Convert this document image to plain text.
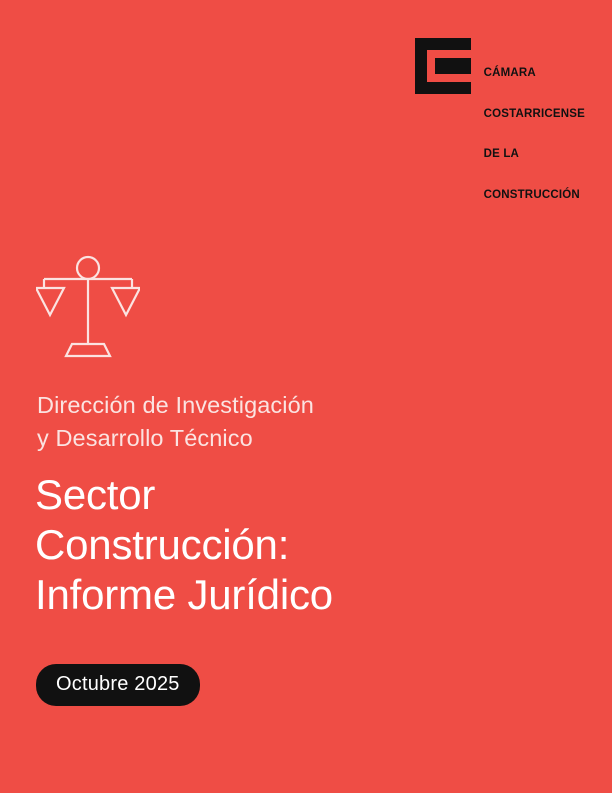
CÁMARA

COSTARRICENSE

DE LA

CONSTRUCCIÓN

Dirección de Investigación
y Desarrollo Técnico
Sector
Construcción:
Informe Jurídico
Octubre 2025
